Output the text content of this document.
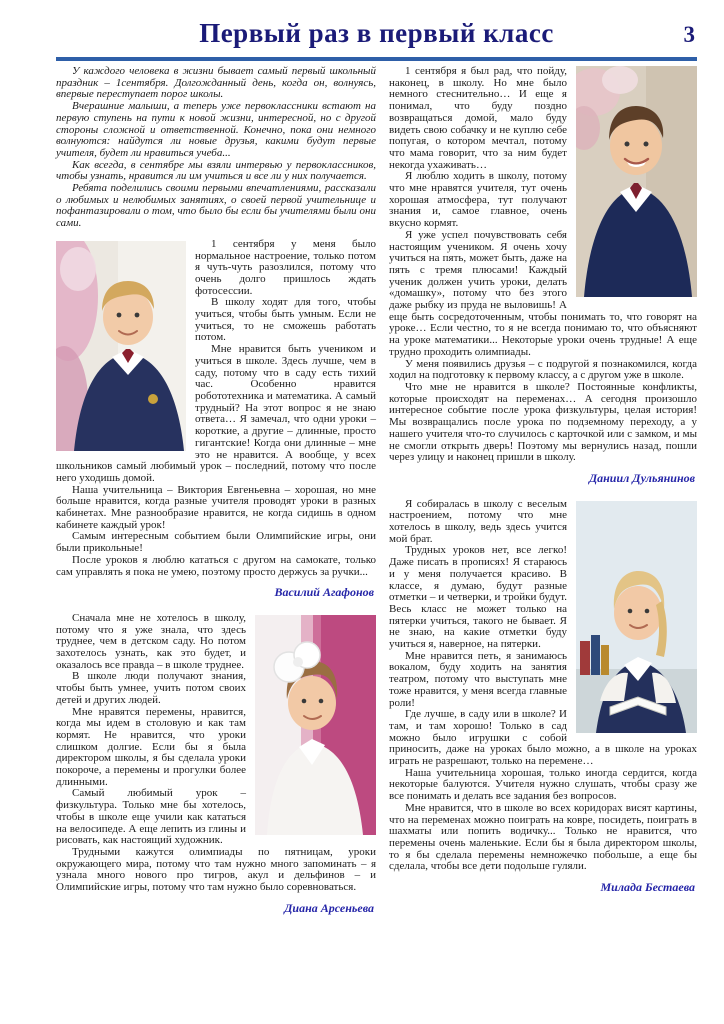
Первый раз в первый класс	3

У каждого человека в жизни бывает самый первый школьный праздник – 1сентября. Долгожданный день, когда он, волнуясь, впервые переступает порог школы.

Вчерашние малыши, а теперь уже первоклассники встают на первую ступень на пути к новой жизни, интересной, но с другой стороны сложной и ответственной. Конечно, пока они немного волнуются: найдутся ли новые друзья, какими будут первые учителя, будет ли нравиться учеба...

Как всегда, в сентябре мы взяли интервью у первоклассников, чтобы узнать, нравится ли им учиться и все ли у них получается.

Ребята поделились своими первыми впечатлениями, рассказали о любимых и нелюбимых занятиях, о своей первой учительнице и пофантазировали о том, что было бы если бы учителями были они сами.

1 сентября у меня было нормальное настроение, только потом я чуть-чуть разозлился, потому что очень долго пришлось ждать фотосессии.

В школу ходят для того, чтобы учиться, чтобы быть умным. Если не учиться, то не сможешь работать потом.

Мне нравится быть учеником и учиться в школе. Здесь лучше, чем в саду, потому что в саду есть тихий час. Особенно нравится робототехника и математика. А самый трудный? На этот вопрос я не знаю ответа… Я замечал, что одни уроки – короткие, а другие – длинные, просто гигантские! Когда они длинные – мне это не нравится. А вообще, у всех школьников самый любимый урок – последний, потому что после него уходишь домой.

Наша учительница – Виктория Евгеньевна – хорошая, но мне больше нравится, когда разные учителя проводят уроки в разных кабинетах. Мне разнообразие нравится, не когда сидишь в одном кабинете каждый урок!

Самым интересным событием были Олимпийские игры, они были прикольные!

После уроков я люблю кататься с другом на самокате, только сам управлять я пока не умею, поэтому просто держусь за ручки...

Василий Агафонов

Сначала мне не хотелось в школу, потому что я уже знала, что здесь труднее, чем в детском саду. Но потом захотелось узнать, как это будет, и оказалось все правда – в школе труднее.

В школе люди получают знания, чтобы быть умнее, учить потом своих детей и других людей.

Мне нравятся перемены, нравится, когда мы идем в столовую и как там кормят. Не нравится, что уроки слишком долгие. Если бы я была директором школы, я бы сделала уроки покороче, а перемены и прогулки более длинными.

Самый любимый урок – физкультура. Только мне бы хотелось, чтобы в школе еще учили как кататься на велосипеде. А еще лепить из глины и рисовать, как настоящий художник.

Трудными кажутся олимпиады по пятницам, уроки окружающего мира, потому что там нужно много запоминать – я узнала много нового про тигров, акул и дельфинов – и Олимпийские игры, потому что там нужно было соревноваться.

Диана Арсеньева

1 сентября я был рад, что пойду, наконец, в школу. Но мне было немного стеснительно… И еще я понимал, что буду поздно возвращаться домой, мало буду видеть свою собачку и не куплю себе попугая, о котором мечтал, потому что мама говорит, что за ним будет некогда ухаживать…

Я люблю ходить в школу, потому что мне нравятся учителя, тут очень хорошая атмосфера, тут получают знания и, самое главное, очень вкусно кормят.

Я уже успел почувствовать себя настоящим учеником. Я очень хочу учиться на пять, может быть, даже на пять с тремя плюсами! Каждый ученик должен учить уроки, делать «домашку», потому что без этого даже рыбку из пруда не выловишь! А еще быть сосредоточенным, чтобы понимать то, что говорят на уроке… Если честно, то я не всегда понимаю то, что объясняют на уроке математики... Некоторые уроки очень трудные! А еще трудно проходить олимпиады.

У меня появились друзья – с подругой я познакомился, когда ходил на подготовку к первому классу, а с другом уже в школе.

Что мне не нравится в школе? Постоянные конфликты, которые происходят на переменах… А сегодня произошло интересное событие после урока физкультуры, целая история! Мы возвращались после урока по подземному переходу, а у нашего учителя что-то случилось с карточкой или с замком, и мы не смогли открыть дверь! Поэтому мы вернулись назад, пошли через улицу и наконец пришли в школу.

Даниил Дульянинов

Я собиралась в школу с веселым настроением, потому что мне хотелось в школу, ведь здесь учится мой брат.

Трудных уроков нет, все легко! Даже писать в прописях! Я стараюсь и у меня получается красиво. В классе, я думаю, будут разные отметки – и четверки, и тройки будут. Весь класс не может только на пятерки учиться, такого не бывает. Я не знаю, на какие отметки буду учиться я, наверное, на пятерки.

Мне нравится петь, я занимаюсь вокалом, буду ходить на занятия театром, потому что выступать мне тоже нравится, у меня всегда главные роли!

Где лучше, в саду или в школе? И там, и там хорошо! Только в сад можно было игрушки с собой приносить, даже на уроках было можно, а в школе на уроках играть не разрешают, только на перемене…

Наша учительница хорошая, только иногда сердится, когда некоторые балуются. Учителя нужно слушать, чтобы сразу же все понимать и делать все задания без вопросов.

Мне нравится, что в школе во всех коридорах висят картины, что на переменах можно поиграть на ковре, посидеть, поиграть в шахматы или попить водичку... Только не нравится, что перемены очень маленькие. Если бы я была директором школы, то я бы сделала перемены немножечко побольше, а еще бы сделала, чтобы все дети подольше гуляли.

Милада Бестаева
